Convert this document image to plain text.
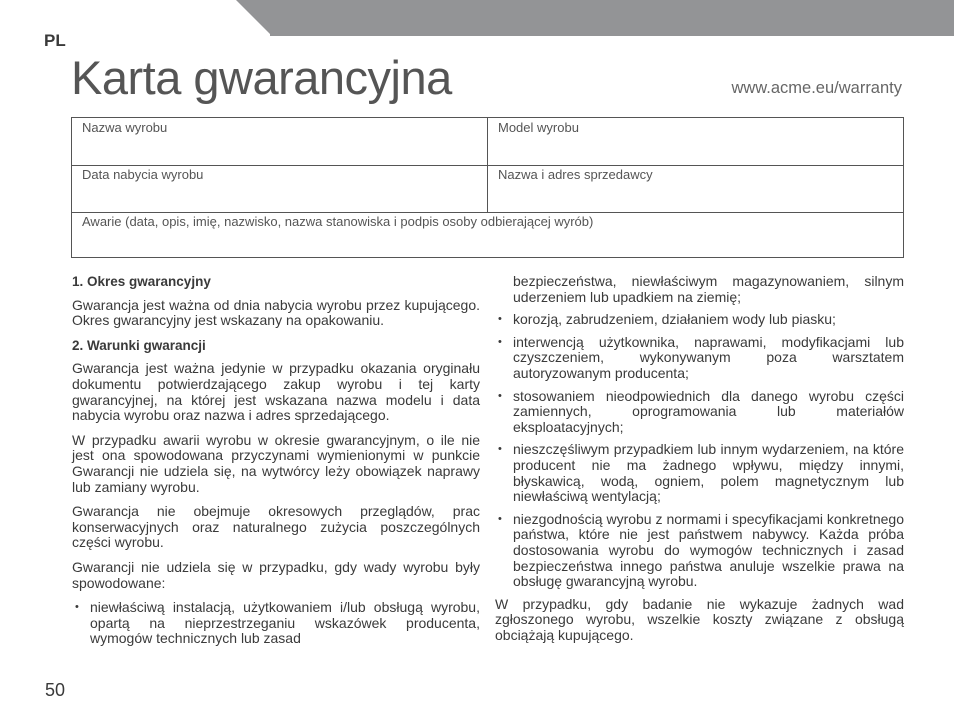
PL
Karta gwarancyjna	www.acme.eu/warranty
Nazwa wyrobu	Model wyrobu
Data nabycia wyrobu	Nazwa i adres sprzedawcy
Awarie (data, opis, imię, nazwisko, nazwa stanowiska i podpis osoby odbierającej wyrób)
1. Okres gwarancyjny

Gwarancja jest ważna od dnia nabycia wyrobu przez kupującego. Okres gwarancyjny jest wskazany na opakowaniu.

2. Warunki gwarancji

Gwarancja jest ważna jedynie w przypadku okazania oryginału dokumentu potwierdzającego zakup wyrobu i tej karty gwarancyjnej, na której jest wskazana nazwa modelu i data nabycia wyrobu oraz nazwa i adres sprzedającego.

W przypadku awarii wyrobu w okresie gwarancyjnym, o ile nie jest ona spowodowana przyczynami wymienionymi w punkcie Gwarancji nie udziela się, na wytwórcy leży obowiązek naprawy lub zamiany wyrobu.

Gwarancja nie obejmuje okresowych przeglądów, prac konserwacyjnych oraz naturalnego zużycia poszczególnych części wyrobu.

Gwarancji nie udziela się w przypadku, gdy wady wyrobu były spowodowane:

• niewłaściwą instalacją, użytkowaniem i/lub obsługą wyrobu, opartą na nieprzestrzeganiu wskazówek producenta, wymogów technicznych lub zasad
bezpieczeństwa, niewłaściwym magazynowaniem, silnym uderzeniem lub upadkiem na ziemię;
• korozją, zabrudzeniem, działaniem wody lub piasku;
• interwencją użytkownika, naprawami, modyfikacjami lub czyszczeniem, wykonywanym poza warsztatem autoryzowanym producenta;
• stosowaniem nieodpowiednich dla danego wyrobu części zamiennych, oprogramowania lub materiałów eksploatacyjnych;
• nieszczęśliwym przypadkiem lub innym wydarzeniem, na które producent nie ma żadnego wpływu, między innymi, błyskawicą, wodą, ogniem, polem magnetycznym lub niewłaściwą wentylacją;
• niezgodnością wyrobu z normami i specyfikacjami konkretnego państwa, które nie jest państwem nabywcy. Każda próba dostosowania wyrobu do wymogów technicznych i zasad bezpieczeństwa innego państwa anuluje wszelkie prawa na obsługę gwarancyjną wyrobu.

W przypadku, gdy badanie nie wykazuje żadnych wad zgłoszonego wyrobu, wszelkie koszty związane z obsługą obciążają kupującego.

50
